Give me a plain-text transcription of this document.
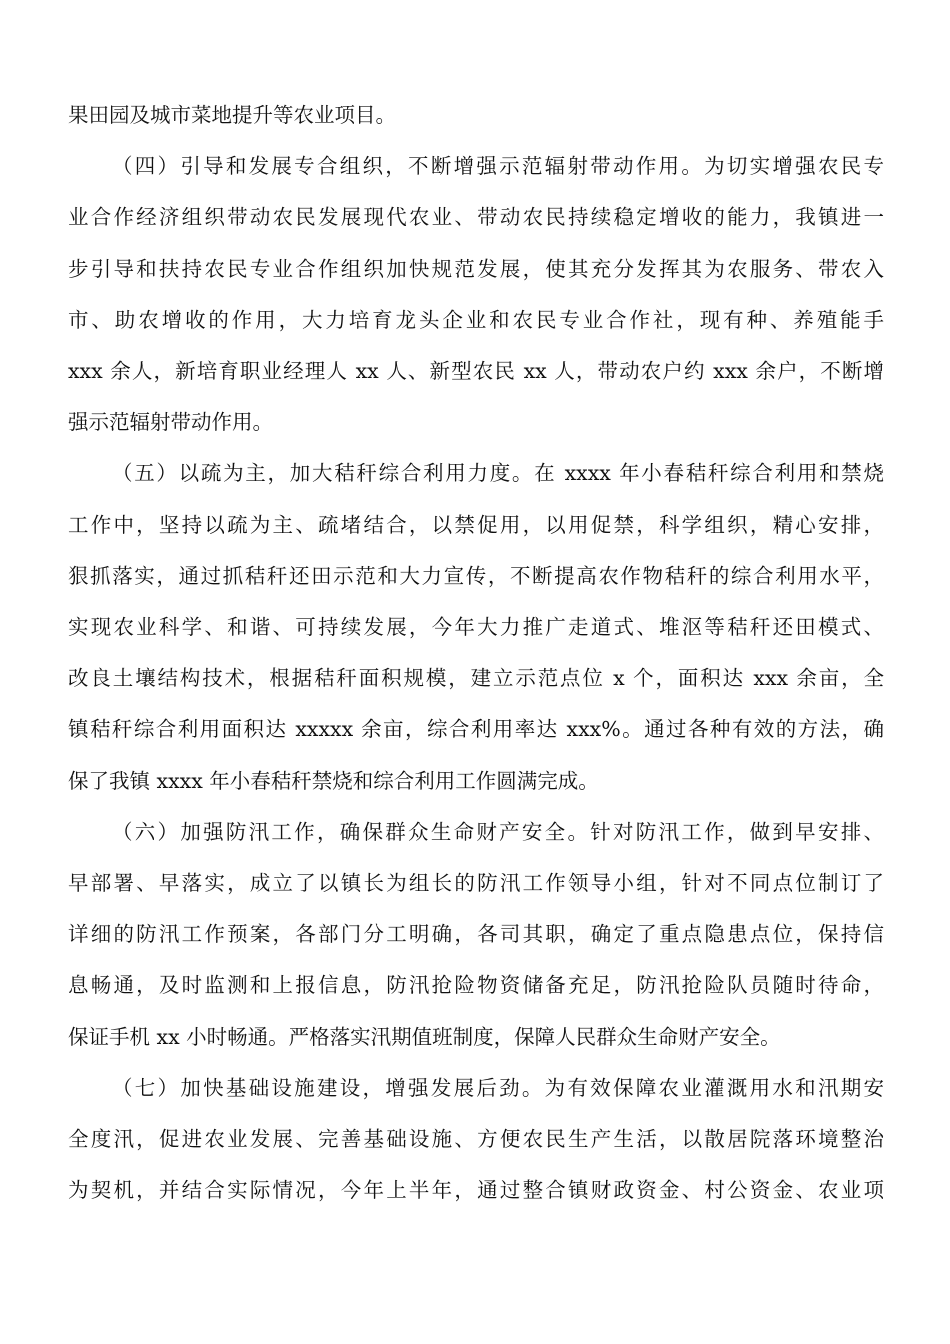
果田园及城市菜地提升等农业项目。
（四）引导和发展专合组织，不断增强示范辐射带动作用。为切实增强农民专
业合作经济组织带动农民发展现代农业、带动农民持续稳定增收的能力，我镇进一
步引导和扶持农民专业合作组织加快规范发展，使其充分发挥其为农服务、带农入
市、助农增收的作用，大力培育龙头企业和农民专业合作社，现有种、养殖能手
xxx 余人，新培育职业经理人 xx 人、新型农民 xx 人，带动农户约 xxx 余户，不断增
强示范辐射带动作用。
（五）以疏为主，加大秸秆综合利用力度。在 xxxx 年小春秸秆综合利用和禁烧
工作中，坚持以疏为主、疏堵结合，以禁促用，以用促禁，科学组织，精心安排，
狠抓落实，通过抓秸秆还田示范和大力宣传，不断提高农作物秸秆的综合利用水平，
实现农业科学、和谐、可持续发展，今年大力推广走道式、堆沤等秸秆还田模式、
改良土壤结构技术，根据秸秆面积规模，建立示范点位 x 个，面积达 xxx 余亩，全
镇秸秆综合利用面积达 xxxxx 余亩，综合利用率达 xxx%。通过各种有效的方法，确
保了我镇 xxxx 年小春秸秆禁烧和综合利用工作圆满完成。
（六）加强防汛工作，确保群众生命财产安全。针对防汛工作，做到早安排、
早部署、早落实，成立了以镇长为组长的防汛工作领导小组，针对不同点位制订了
详细的防汛工作预案，各部门分工明确，各司其职，确定了重点隐患点位，保持信
息畅通，及时监测和上报信息，防汛抢险物资储备充足，防汛抢险队员随时待命，
保证手机 xx 小时畅通。严格落实汛期值班制度，保障人民群众生命财产安全。
（七）加快基础设施建设，增强发展后劲。为有效保障农业灌溉用水和汛期安
全度汛，促进农业发展、完善基础设施、方便农民生产生活，以散居院落环境整治
为契机，并结合实际情况，今年上半年，通过整合镇财政资金、村公资金、农业项
